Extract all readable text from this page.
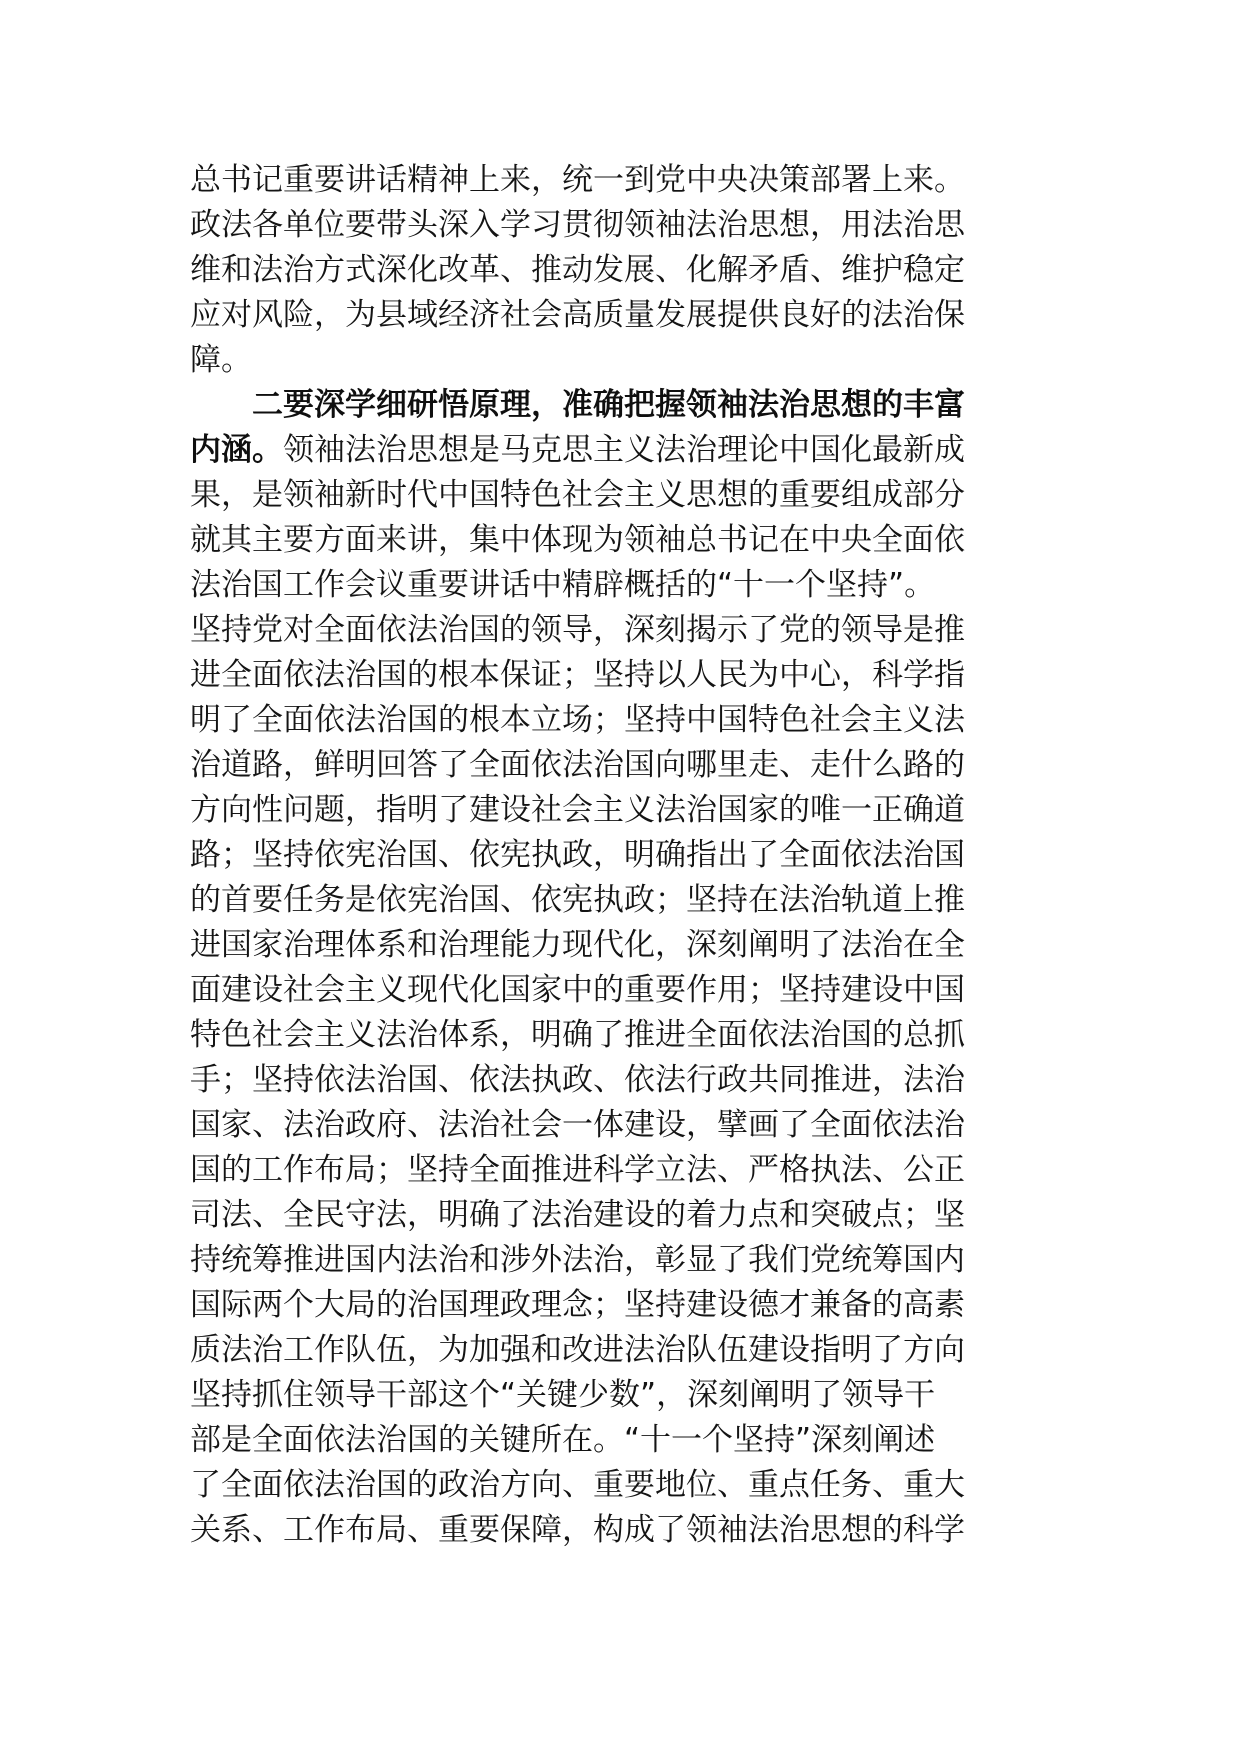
总书记重要讲话精神上来，统一到党中央决策部署上来。
政法各单位要带头深入学习贯彻领袖法治思想，用法治思
维和法治方式深化改革、推动发展、化解矛盾、维护稳定
应对风险，为县域经济社会高质量发展提供良好的法治保
障。
二要深学细研悟原理，准确把握领袖法治思想的丰富
内涵。领袖法治思想是马克思主义法治理论中国化最新成
果，是领袖新时代中国特色社会主义思想的重要组成部分
就其主要方面来讲，集中体现为领袖总书记在中央全面依
法治国工作会议重要讲话中精辟概括的“十一个坚持”。
坚持党对全面依法治国的领导，深刻揭示了党的领导是推
进全面依法治国的根本保证；坚持以人民为中心，科学指
明了全面依法治国的根本立场；坚持中国特色社会主义法
治道路，鲜明回答了全面依法治国向哪里走、走什么路的
方向性问题，指明了建设社会主义法治国家的唯一正确道
路；坚持依宪治国、依宪执政，明确指出了全面依法治国
的首要任务是依宪治国、依宪执政；坚持在法治轨道上推
进国家治理体系和治理能力现代化，深刻阐明了法治在全
面建设社会主义现代化国家中的重要作用；坚持建设中国
特色社会主义法治体系，明确了推进全面依法治国的总抓
手；坚持依法治国、依法执政、依法行政共同推进，法治
国家、法治政府、法治社会一体建设，擘画了全面依法治
国的工作布局；坚持全面推进科学立法、严格执法、公正
司法、全民守法，明确了法治建设的着力点和突破点；坚
持统筹推进国内法治和涉外法治，彰显了我们党统筹国内
国际两个大局的治国理政理念；坚持建设德才兼备的高素
质法治工作队伍，为加强和改进法治队伍建设指明了方向
坚持抓住领导干部这个“关键少数”，深刻阐明了领导干
部是全面依法治国的关键所在。“十一个坚持”深刻阐述
了全面依法治国的政治方向、重要地位、重点任务、重大
关系、工作布局、重要保障，构成了领袖法治思想的科学
